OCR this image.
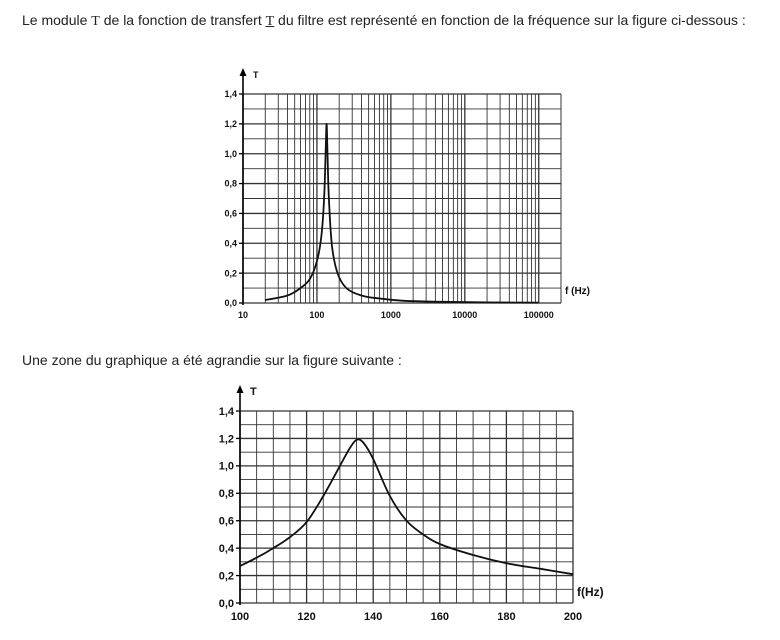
Le module T de la fonction de transfert T du filtre est représenté en fonction de la fréquence sur la figure ci-dessous :

T
0,0
0,2
0,4
0,6
0,8
1,0
1,2
1,4
10	100	1000	10000	100000
f (Hz)

Une zone du graphique a été agrandie sur la figure suivante :

T
0,0
0,2
0,4
0,6
0,8
1,0
1,2
1,4
100	120	140	160	180	200
f(Hz)
